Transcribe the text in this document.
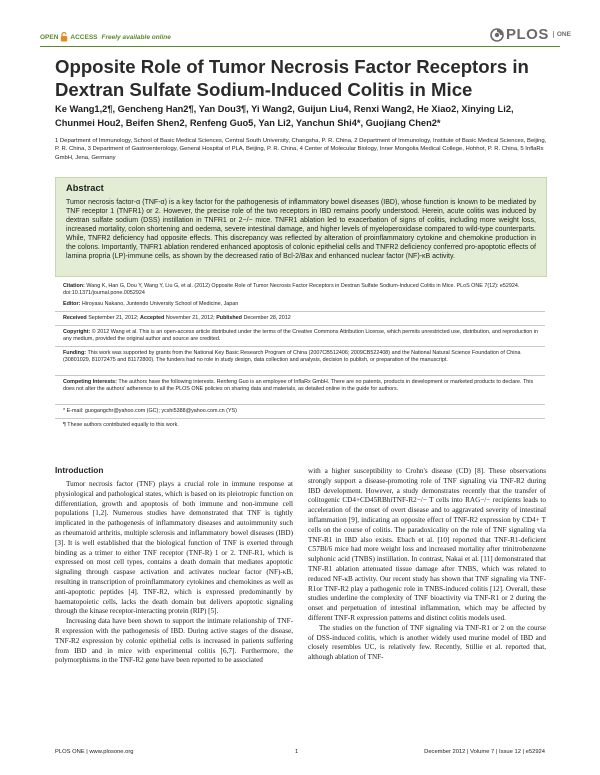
OPEN ACCESS Freely available online	PLOS	ONE
Opposite Role of Tumor Necrosis Factor Receptors in Dextran Sulfate Sodium-Induced Colitis in Mice
Ke Wang1,2¶, Gencheng Han2¶, Yan Dou3¶, Yi Wang2, Guijun Liu4, Renxi Wang2, He Xiao2, Xinying Li2, Chunmei Hou2, Beifen Shen2, Renfeng Guo5, Yan Li2, Yanchun Shi4*, Guojiang Chen2*
1 Department of Immunology, School of Basic Medical Sciences, Central South University, Changsha, P. R. China, 2 Department of Immunology, Institute of Basic Medical Sciences, Beijing, P. R. China, 3 Department of Gastroenterology, General Hospital of PLA, Beijing, P. R. China, 4 Center of Molecular Biology, Inner Mongolia Medical College, Hohhot, P. R. China, 5 InflaRx GmbH, Jena, Germany
Abstract
Tumor necrosis factor-α (TNF-α) is a key factor for the pathogenesis of inflammatory bowel diseases (IBD), whose function is known to be mediated by TNF receptor 1 (TNFR1) or 2. However, the precise role of the two receptors in IBD remains poorly understood. Herein, acute colitis was induced by dextran sulfate sodium (DSS) instillation in TNFR1 or 2−/− mice. TNFR1 ablation led to exacerbation of signs of colitis, including more weight loss, increased mortality, colon shortening and oedema, severe intestinal damage, and higher levels of myeloperoxidase compared to wild-type counterparts. While, TNFR2 deficiency had opposite effects. This discrepancy was reflected by alteration of proinflammatory cytokine and chemokine production in the colons. Importantly, TNFR1 ablation rendered enhanced apoptosis of colonic epithelial cells and TNFR2 deficiency conferred pro-apoptotic effects of lamina propria (LP)-immune cells, as shown by the decreased ratio of Bcl-2/Bax and enhanced nuclear factor (NF)-κB activity.
Citation: Wang K, Han G, Dou Y, Wang Y, Liu G, et al. (2012) Opposite Role of Tumor Necrosis Factor Receptors in Dextran Sulfate Sodium-Induced Colitis in Mice. PLoS ONE 7(12): e52924. doi:10.1371/journal.pone.0052924
Editor: Hiroyasu Nakano, Juntendo University School of Medicine, Japan
Received September 21, 2012; Accepted November 21, 2012; Published December 28, 2012
Copyright: © 2012 Wang et al. This is an open-access article distributed under the terms of the Creative Commons Attribution License, which permits unrestricted use, distribution, and reproduction in any medium, provided the original author and source are credited.
Funding: This work was supported by grants from the National Key Basic Research Program of China (2007CB512406; 2009CB522408) and the National Natural Science Foundation of China (30801029, 81072475 and 81172800). The funders had no role in study design, data collection and analysis, decision to publish, or preparation of the manuscript.
Competing Interests: The authors have the following interests. Renfeng Guo is an employee of InflaRx GmbH. There are no patents, products in development or marketed products to declare. This does not alter the authors' adherence to all the PLOS ONE policies on sharing data and materials, as detailed online in the guide for authors.
* E-mail: guogangchr@yahoo.com (GC); ycshi5388@yahoo.com.cn (YS)
¶ These authors contributed equally to this work.
Introduction

Tumor necrosis factor (TNF) plays a crucial role in immune response at physiological and pathological states, which is based on its pleiotropic function on differentiation, growth and apoptosis of both immune and non-immune cell populations [1,2]. Numerous studies have demonstrated that TNF is tightly implicated in the pathogenesis of inflammatory diseases and autoimmunity such as rheumatoid arthritis, multiple sclerosis and inflammatory bowel diseases (IBD) [3]. It is well established that the biological function of TNF is exerted through binding as a trimer to either TNF receptor (TNF-R) 1 or 2. TNF-R1, which is expressed on most cell types, contains a death domain that mediates apoptotic signaling through caspase activation and activates nuclear factor (NF)-κB, resulting in transcription of proinflammatory cytokines and chemokines as well as anti-apoptotic peptides [4]. TNF-R2, which is expressed predominantly by haematopoietic cells, lacks the death domain but delivers apoptotic signaling through the kinase receptor-interacting protein (RIP) [5].

Increasing data have been shown to support the intimate relationship of TNF-R expression with the pathogenesis of IBD. During active stages of the disease, TNF-R2 expression by colonic epithelial cells is increased in patients suffering from IBD and in mice with experimental colitis [6,7]. Furthermore, the polymorphisms in the TNF-R2 gene have been reported to be associated

with a higher susceptibility to Crohn's disease (CD) [8]. These observations strongly support a disease-promoting role of TNF signaling via TNF-R2 during IBD development. However, a study demonstrates recently that the transfer of colitogenic CD4+CD45RBhiTNF-R2−/− T cells into RAG−/− recipients leads to acceleration of the onset of overt disease and to aggravated severity of intestinal inflammation [9], indicating an opposite effect of TNF-R2 expression by CD4+ T cells on the course of colitis. The paradoxicality on the role of TNF signaling via TNF-R1 in IBD also exists. Ebach et al. [10] reported that TNF-R1-deficient C57Bl/6 mice had more weight loss and increased mortality after trinitrobenzene sulphonic acid (TNBS) instillation. In contrast, Nakai et al. [11] demonstrated that TNF-R1 ablation attenuated tissue damage after TNBS, which was related to reduced NF-κB activity. Our recent study has shown that TNF signaling via TNF-R1or TNF-R2 play a pathogenic role in TNBS-induced colitis [12]. Overall, these studies underline the complexity of TNF bioactivity via TNF-R1 or 2 during the onset and perpetuation of intestinal inflammation, which may be affected by different TNF-R expression patterns and distinct colitis models used.

The studies on the function of TNF signaling via TNF-R1 or 2 on the course of DSS-induced colitis, which is another widely used murine model of IBD and closely resembles UC, is relatively few. Recently, Stillie et al. reported that, although ablation of TNF-

PLOS ONE | www.plosone.org	1	December 2012 | Volume 7 | Issue 12 | e52924
